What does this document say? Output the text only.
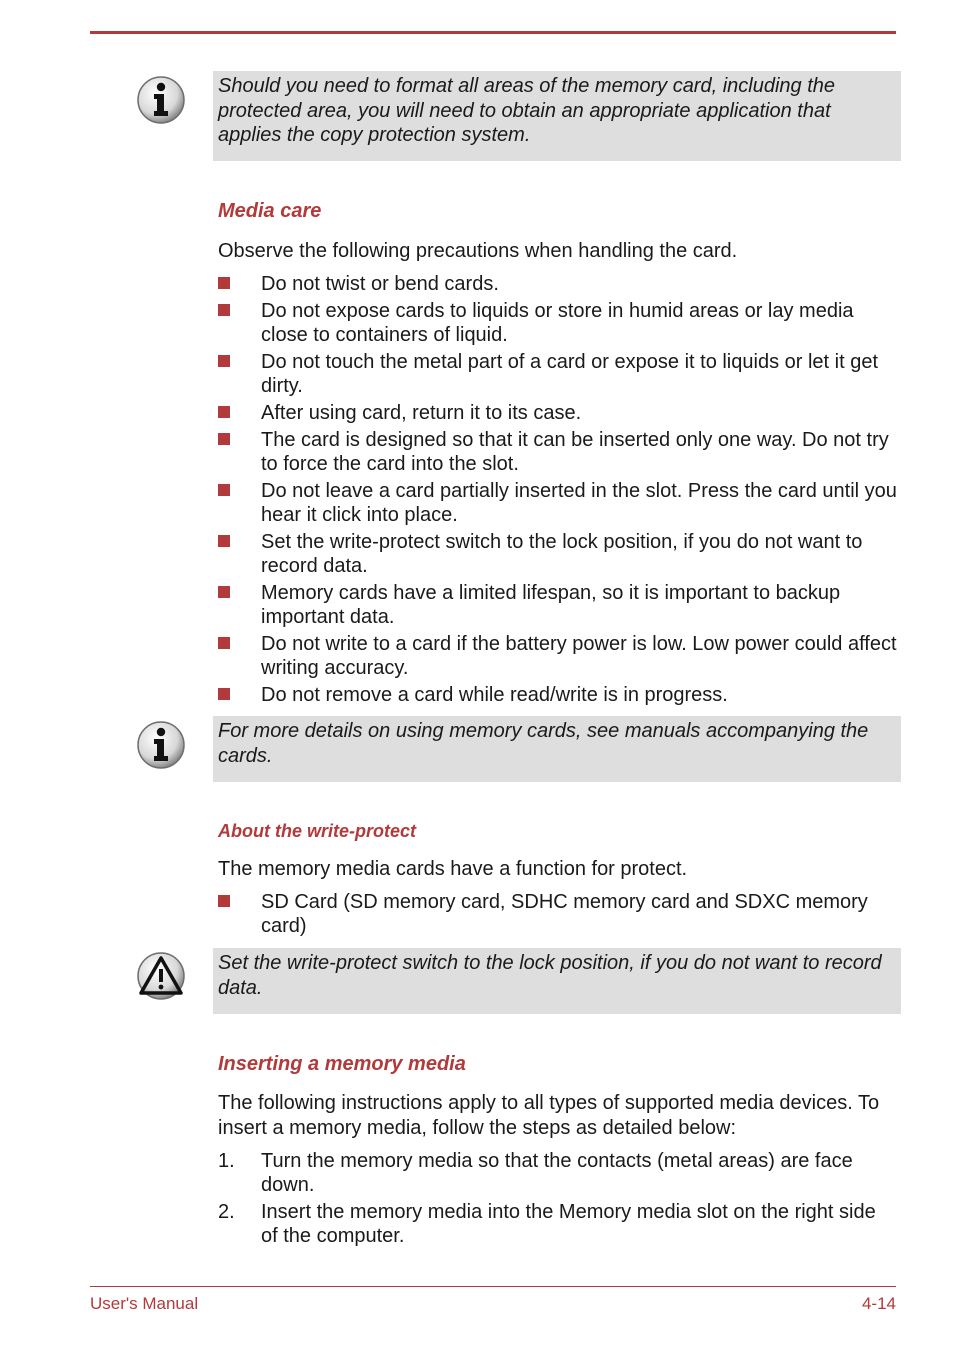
Should you need to format all areas of the memory card, including the protected area, you will need to obtain an appropriate application that applies the copy protection system.

Media care

Observe the following precautions when handling the card.

Do not twist or bend cards.
Do not expose cards to liquids or store in humid areas or lay media close to containers of liquid.
Do not touch the metal part of a card or expose it to liquids or let it get dirty.
After using card, return it to its case.
The card is designed so that it can be inserted only one way. Do not try to force the card into the slot.
Do not leave a card partially inserted in the slot. Press the card until you hear it click into place.
Set the write-protect switch to the lock position, if you do not want to record data.
Memory cards have a limited lifespan, so it is important to backup important data.
Do not write to a card if the battery power is low. Low power could affect writing accuracy.
Do not remove a card while read/write is in progress.

For more details on using memory cards, see manuals accompanying the cards.

About the write-protect

The memory media cards have a function for protect.

SD Card (SD memory card, SDHC memory card and SDXC memory card)

Set the write-protect switch to the lock position, if you do not want to record data.

Inserting a memory media

The following instructions apply to all types of supported media devices. To insert a memory media, follow the steps as detailed below:

1. Turn the memory media so that the contacts (metal areas) are face down.
2. Insert the memory media into the Memory media slot on the right side of the computer.
User's Manual	4-14
